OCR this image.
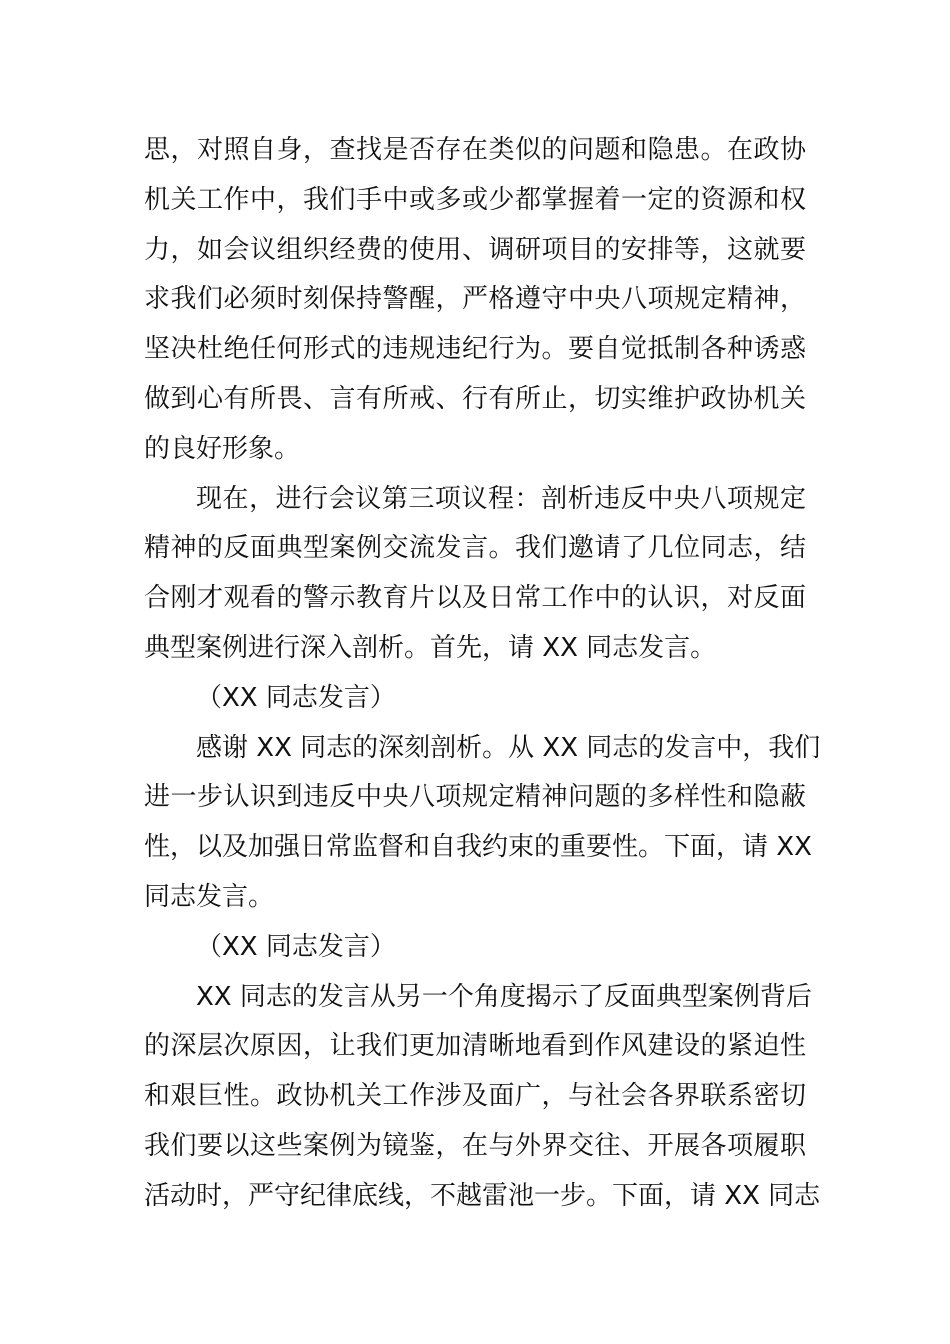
思，对照自身，查找是否存在类似的问题和隐患。在政协
机关工作中，我们手中或多或少都掌握着一定的资源和权
力，如会议组织经费的使用、调研项目的安排等，这就要
求我们必须时刻保持警醒，严格遵守中央八项规定精神，
坚决杜绝任何形式的违规违纪行为。要自觉抵制各种诱惑
做到心有所畏、言有所戒、行有所止，切实维护政协机关
的良好形象。
现在，进行会议第三项议程：剖析违反中央八项规定
精神的反面典型案例交流发言。我们邀请了几位同志，结
合刚才观看的警示教育片以及日常工作中的认识，对反面
典型案例进行深入剖析。首先，请 XX 同志发言。
（XX 同志发言）
感谢 XX 同志的深刻剖析。从 XX 同志的发言中，我们
进一步认识到违反中央八项规定精神问题的多样性和隐蔽
性，以及加强日常监督和自我约束的重要性。下面，请 XX
同志发言。
（XX 同志发言）
XX 同志的发言从另一个角度揭示了反面典型案例背后
的深层次原因，让我们更加清晰地看到作风建设的紧迫性
和艰巨性。政协机关工作涉及面广，与社会各界联系密切
我们要以这些案例为镜鉴，在与外界交往、开展各项履职
活动时，严守纪律底线，不越雷池一步。下面，请 XX 同志
